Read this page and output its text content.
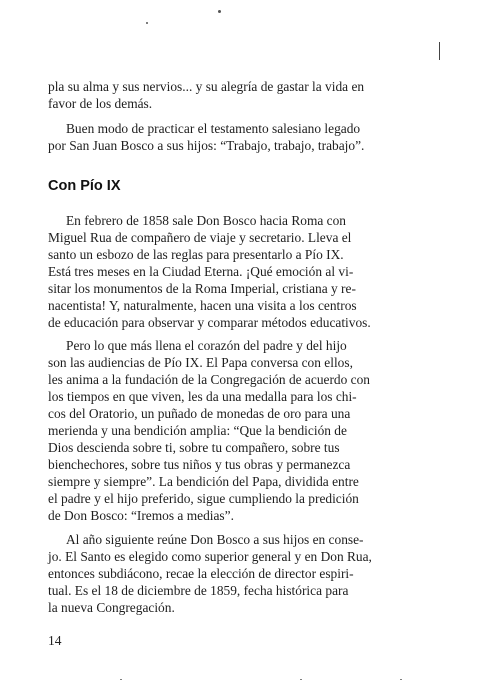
pla su alma y sus nervios... y su alegría de gastar la vida en
favor de los demás.
Buen modo de practicar el testamento salesiano legado
por San Juan Bosco a sus hijos: “Trabajo, trabajo, trabajo”.
Con Pío IX
En febrero de 1858 sale Don Bosco hacia Roma con
Miguel Rua de compañero de viaje y secretario. Lleva el
santo un esbozo de las reglas para presentarlo a Pío IX.
Está tres meses en la Ciudad Eterna. ¡Qué emoción al vi-
sitar los monumentos de la Roma Imperial, cristiana y re-
nacentista! Y, naturalmente, hacen una visita a los centros
de educación para observar y comparar métodos educativos.
Pero lo que más llena el corazón del padre y del hijo
son las audiencias de Pío IX. El Papa conversa con ellos,
les anima a la fundación de la Congregación de acuerdo con
los tiempos en que viven, les da una medalla para los chi-
cos del Oratorio, un puñado de monedas de oro para una
merienda y una bendición amplia: “Que la bendición de
Dios descienda sobre ti, sobre tu compañero, sobre tus
bienchechores, sobre tus niños y tus obras y permanezca
siempre y siempre”. La bendición del Papa, dividida entre
el padre y el hijo preferido, sigue cumpliendo la predición
de Don Bosco: “Iremos a medias”.
Al año siguiente reúne Don Bosco a sus hijos en conse-
jo. El Santo es elegido como superior general y en Don Rua,
entonces subdiácono, recae la elección de director espiri-
tual. Es el 18 de diciembre de 1859, fecha histórica para
la nueva Congregación.
14
